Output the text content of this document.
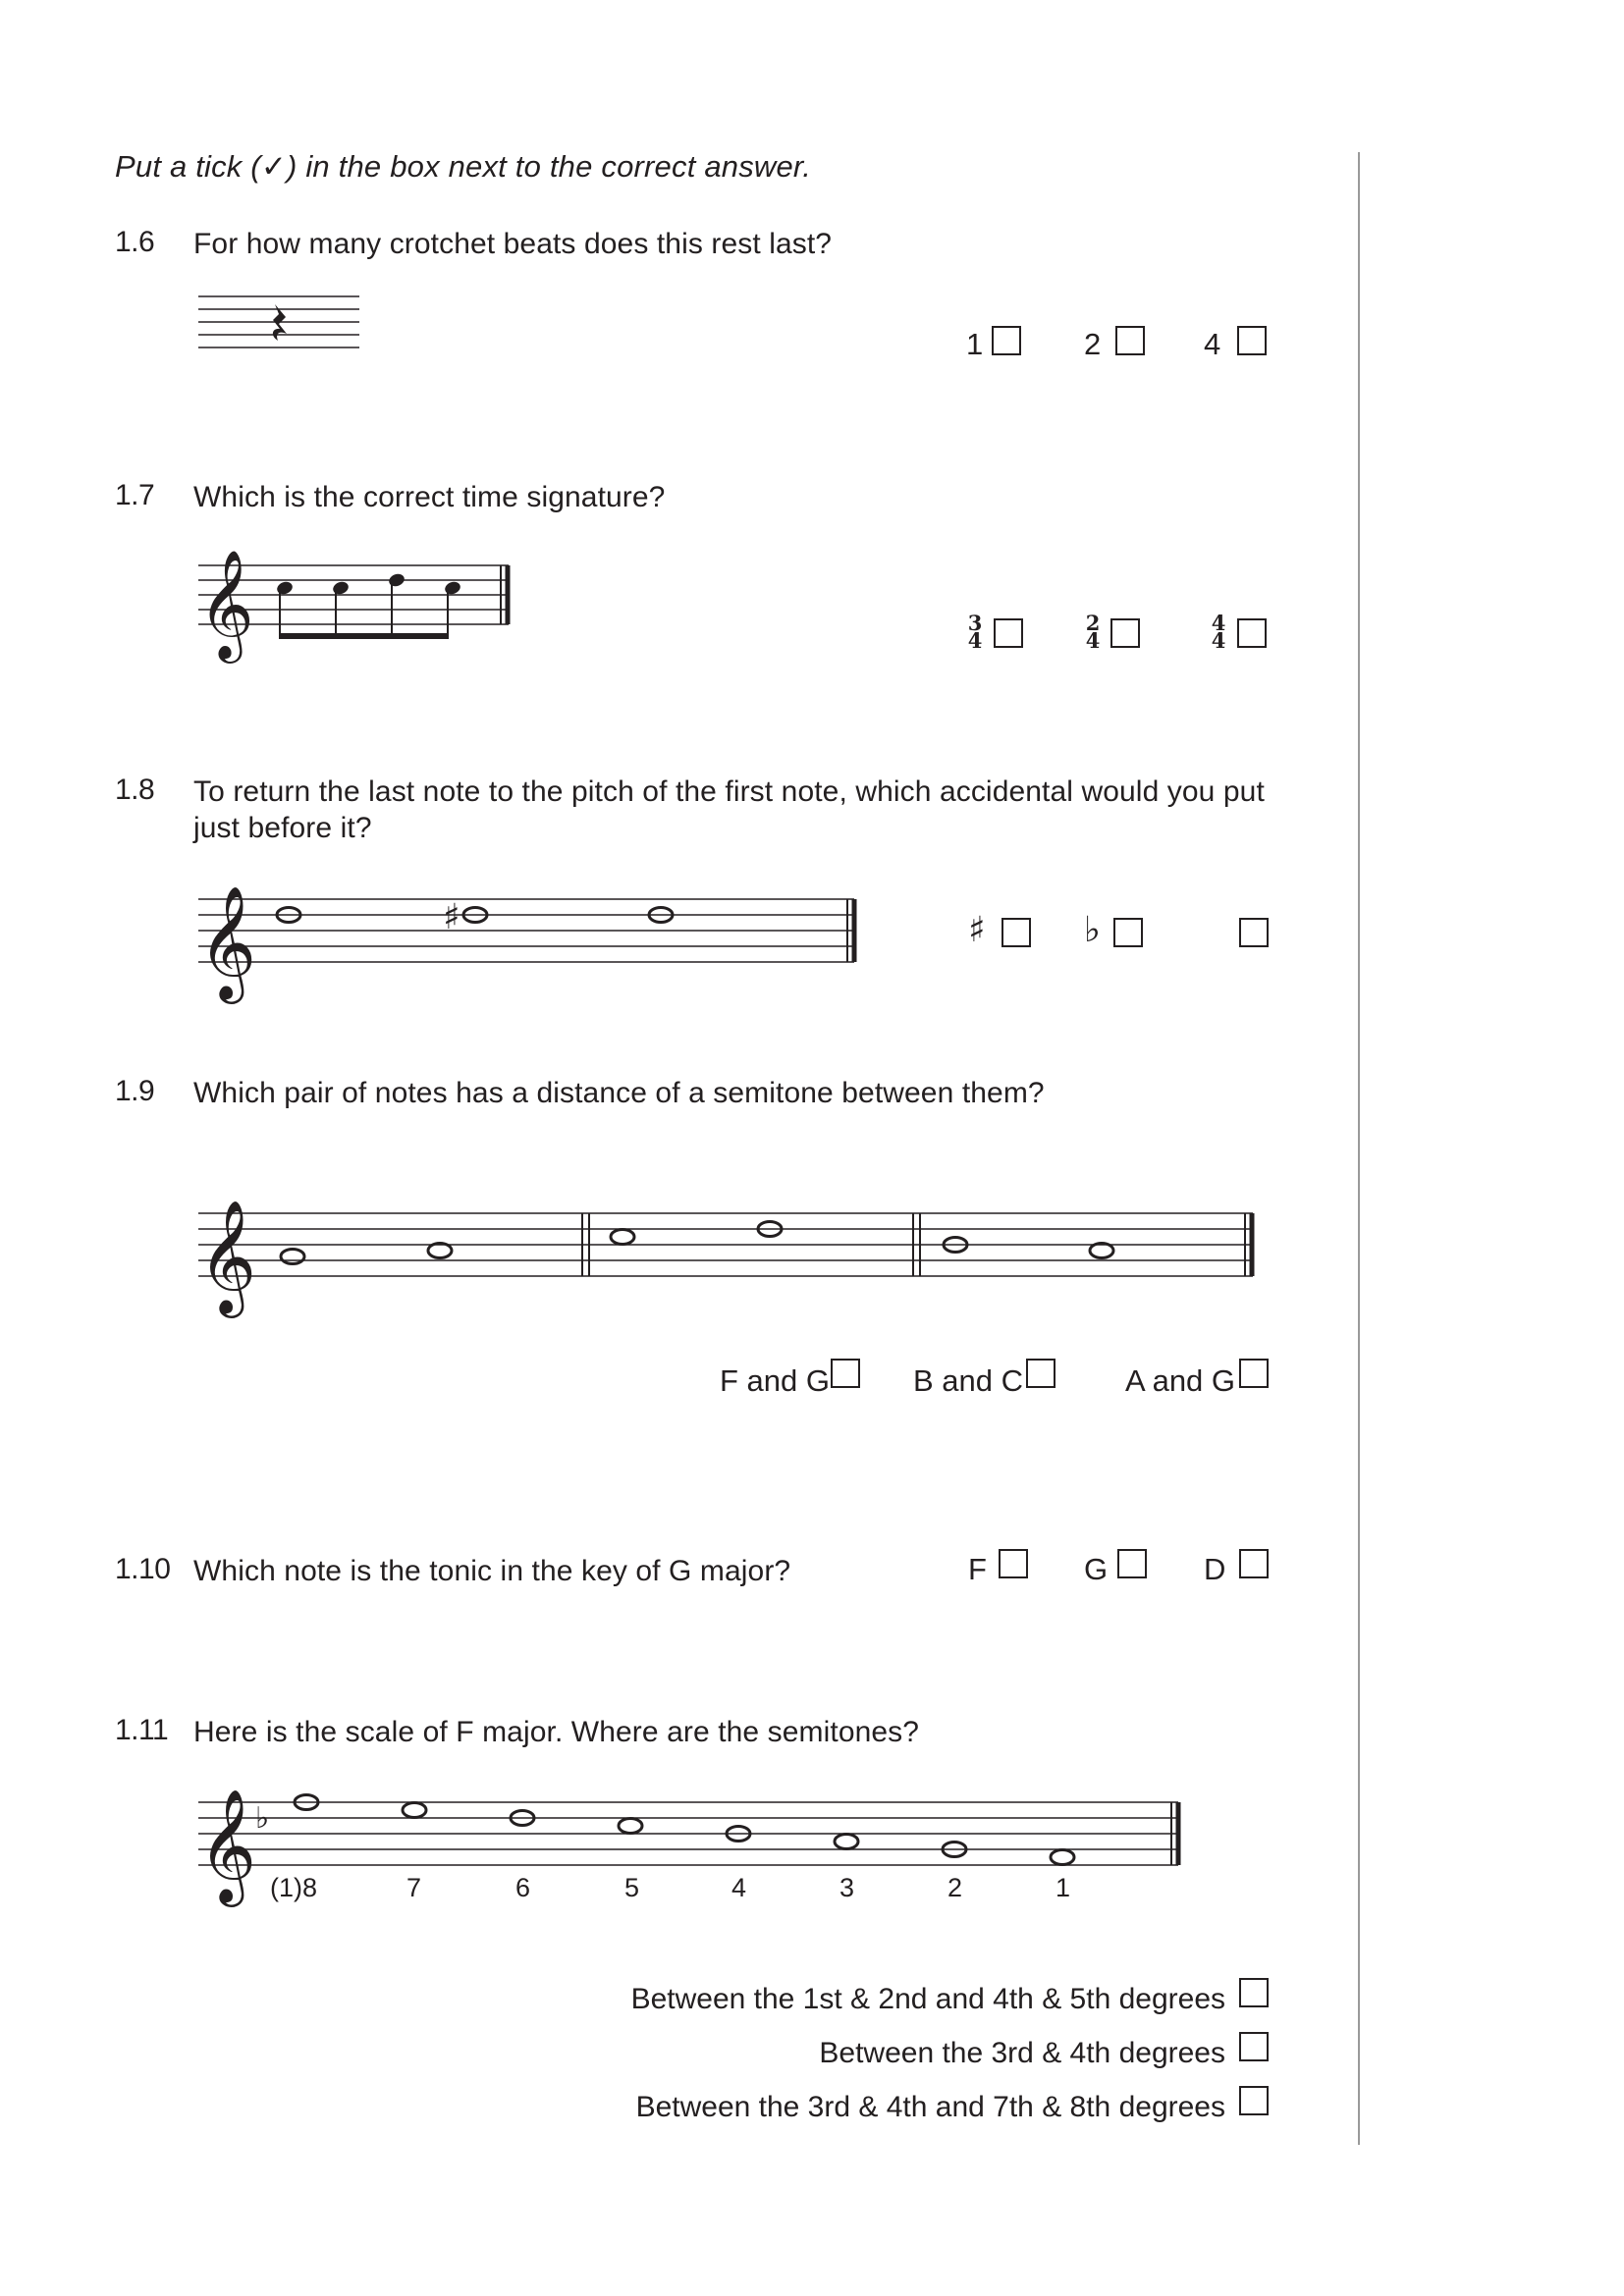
Put a tick (✓) in the box next to the correct answer.
1.6 For how many crotchet beats does this rest last?
1	2	4
1.7 Which is the correct time signature?
𝄞	3
4
2
4
4
4
1.8 To return the last note to the pitch of the first note, which accidental would you put just before it?
𝄞	♯	♯	♭
1.9 Which pair of notes has a distance of a semitone between them?
𝄞
F and G	B and C	A and G
1.10 Which note is the tonic in the key of G major?	F	G	D
1.11 Here is the scale of F major. Where are the semitones?
𝄞
♭
(1)8	7	6	5	4	3	2	1
Between the 1st & 2nd and 4th & 5th degrees
Between the 3rd & 4th degrees
Between the 3rd & 4th and 7th & 8th degrees
